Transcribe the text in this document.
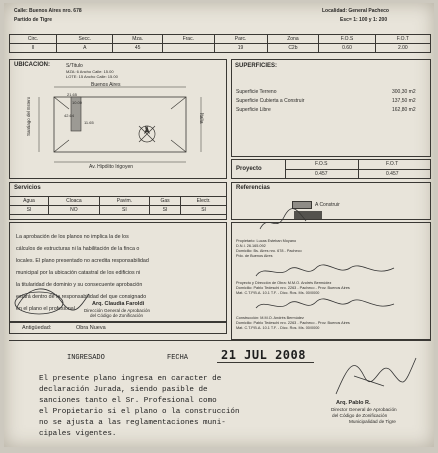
Calle: Buenos Aires nro. 678
Partido de Tigre
Localidad: General Pacheco
Esc= 1: 100 y 1: 200
Circ.	Secc.	Mza.	Frac.	Parc.	Zona	F.O.S	F.O.T
II	A	45		19	C2b	0.60	2.00
UBICACION:	S/Titulo
MZA: 6 Ancho Calle: 15.00
LOTE: 15 Ancho Calle: 15.00
Buenos Aires
Santiago del Estero	Italia
Av. Hipólito Irigoyen
21.65
10.00
42.64
11.65
N
SUPERFICIES:
Superficie Terreno	300,30 m2
Superficie Cubierta a Construir	137,50 m2
Superficie Libre	162,80 m2
Proyecto
F.O.S	F.O.T
0.457	0.457
Servicios
Agua	Cloaca	Pavim.	Gas	Electr.
SI	NO	SI	SI	SI
Referencias
A Construir
La aprobación de los planos no implica la de los
cálculos de estructuras ni la habilitación de la finca o
locales. El plano presentado no acredita responsabilidad
municipal por la ubicación catastral de los edificios ni
la titularidad de dominio y su consecuente aprobación
estará dentro de la responsabilidad del que consignado
en el plano el profesional.
Arq. Claudia Faroldi
Dirección General de Aprobación
del Código de Zonificación
Propietario: Lucas Esteban Moyano
D.N.I. 26.165.092
Domicilio: Bs. Aires nro. 678 - Pacheco
Pdo. de Buenos Aires
Proyecto y Dirección de Obra: M.M.O. Andrés Bermúdez
Domicilio: Pablo Tedeschi nro. 2263 - Pacheco - Prov. Buenos Aires
Mat. C.T.P.B.A. 10.1 T.F. - Dicc. Ros. Ms. 00/0000
Construcción: M.M.O. Andrés Bermúdez
Domicilio: Pablo Tedeschi nro. 2263 - Pacheco - Prov. Buenos Aires
Mat. C.T.P.B.A. 10.1 T.F. - Dicc. Ros. Ms. 00/0000
Antigüedad:	Obra Nueva
INGRESADO	FECHA	21 JUL 2008
El presente plano ingresa en caracter de
declaración Jurada, siendo pasible de
sanciones tanto el Sr. Profesional como
el Propietario si el plano o la construcción
no se ajusta a las reglamentaciones muni-
cipales vigentes.
Arq. Pablo R.
Director General de Aprobación
del Código de Zonificación
Municipalidad de Tigre
